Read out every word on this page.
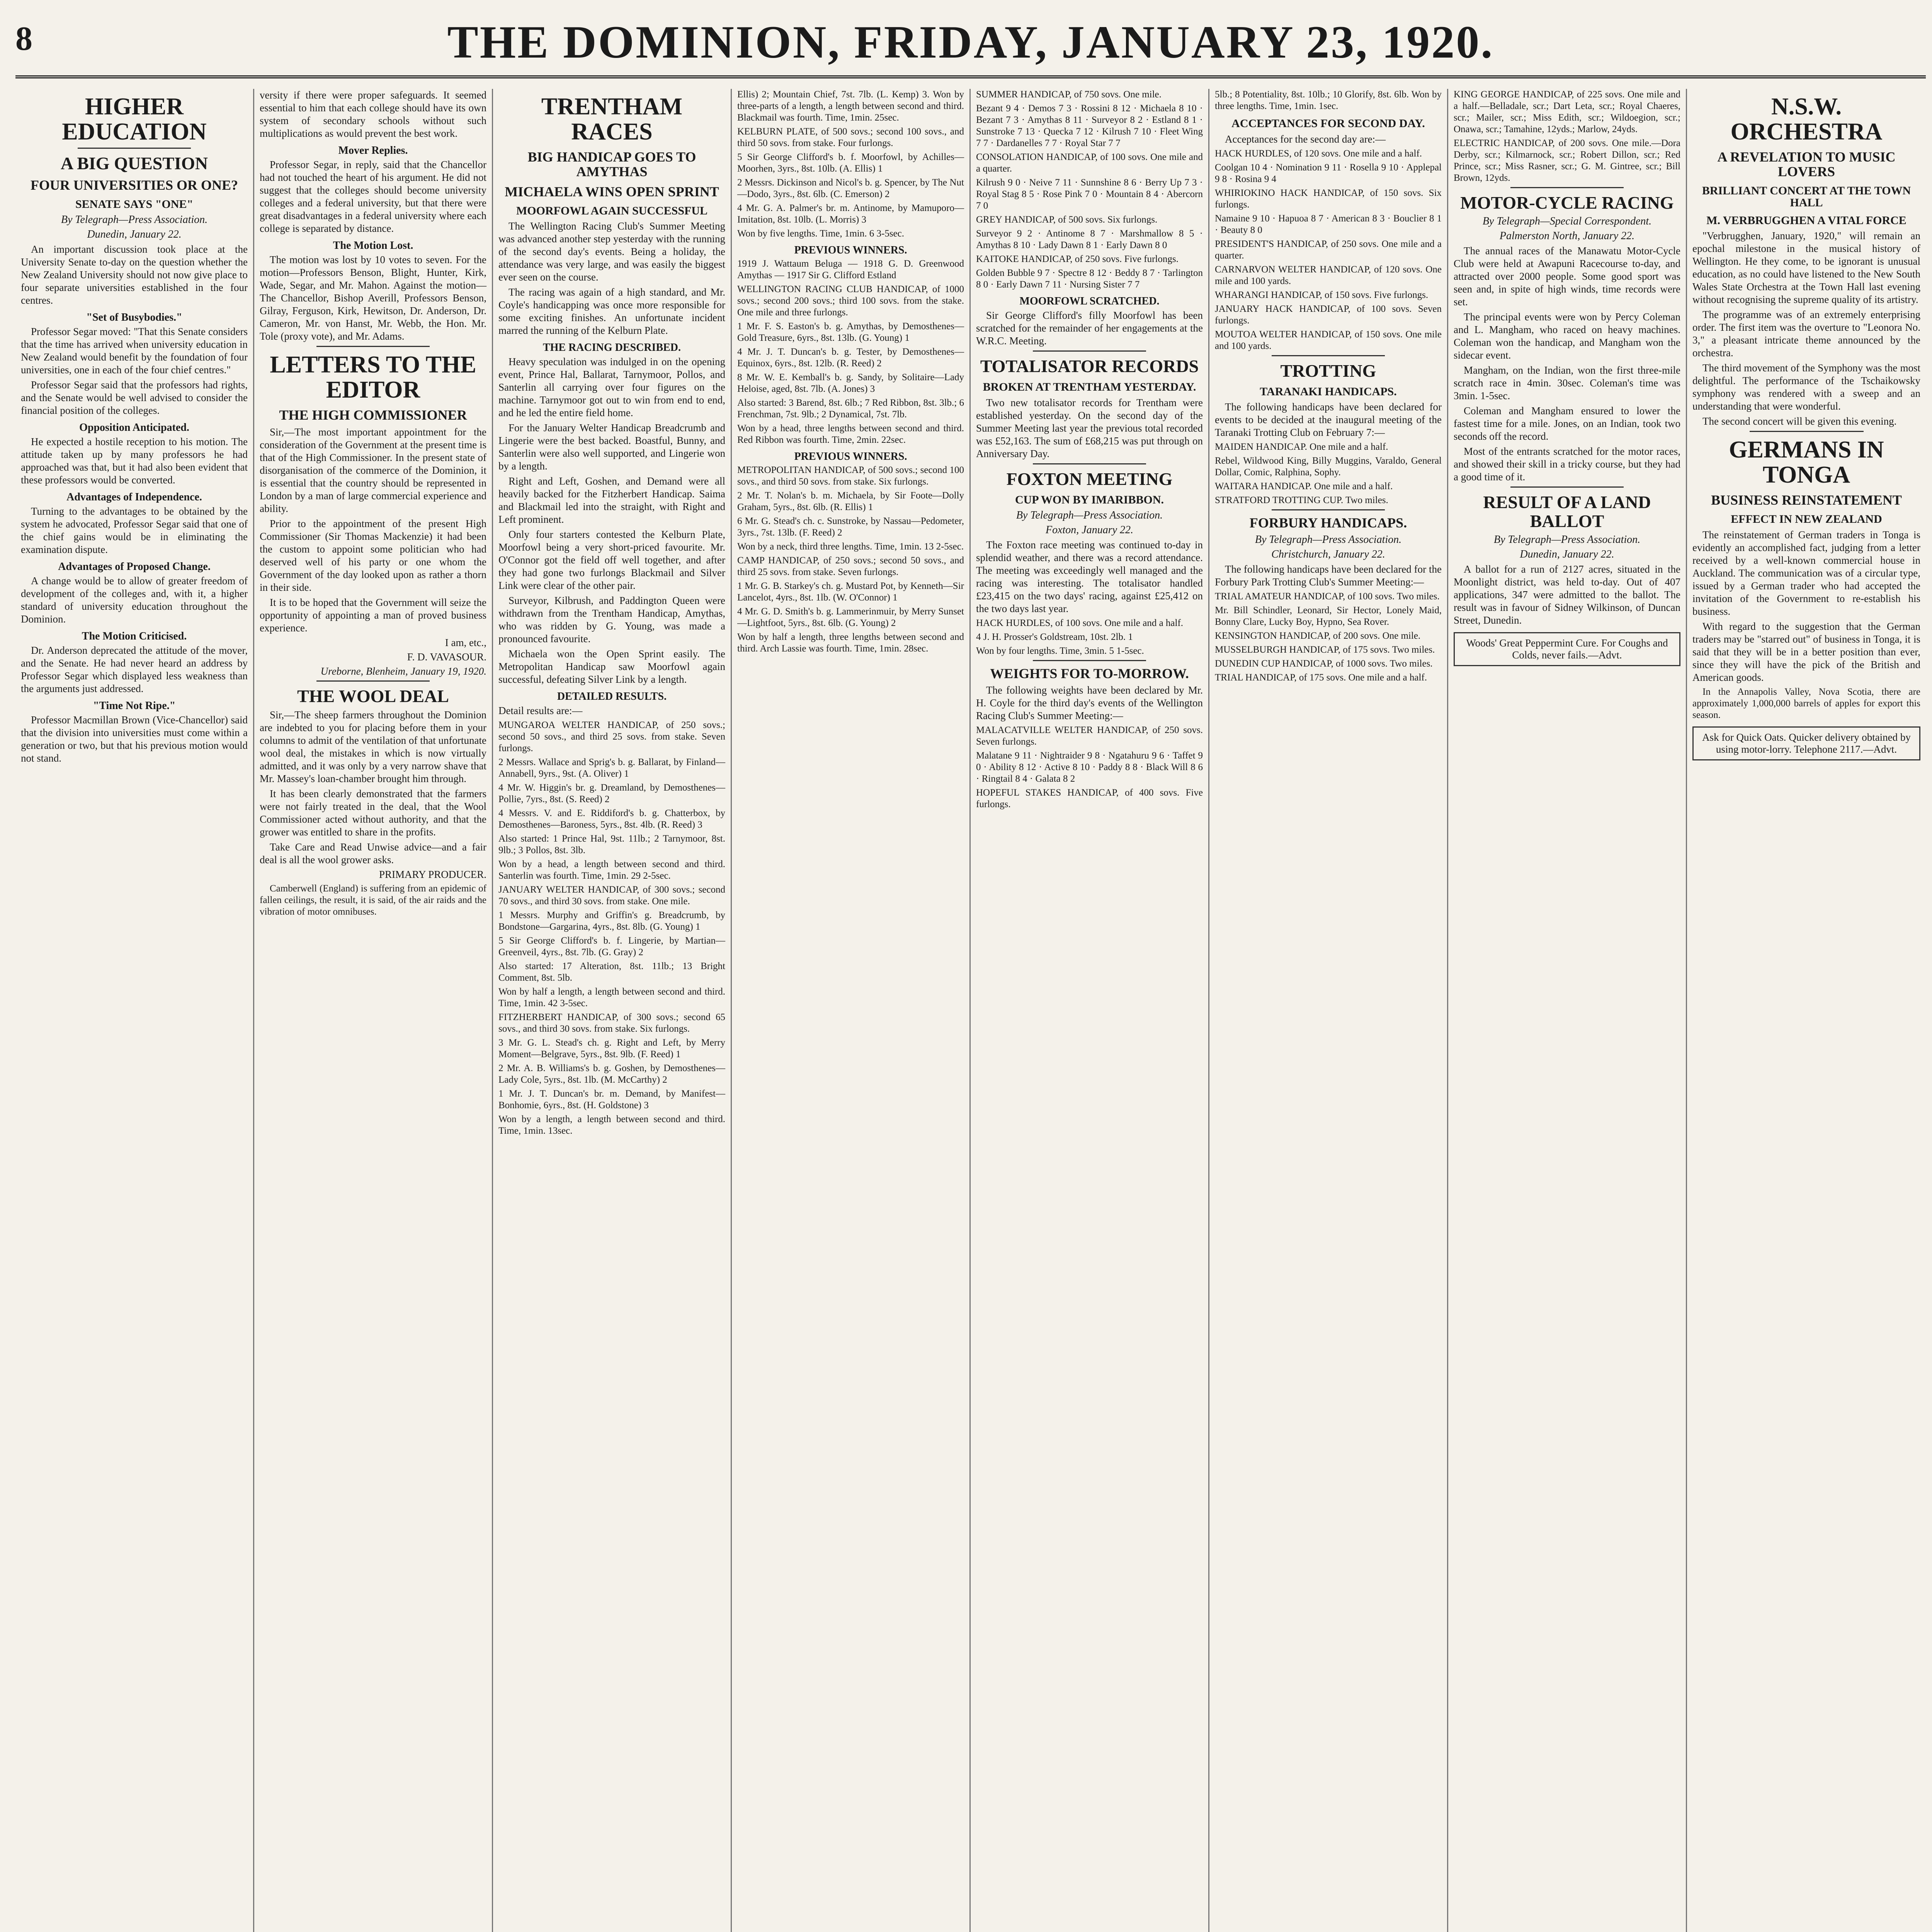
8	THE DOMINION, FRIDAY, JANUARY 23, 1920.
HIGHER EDUCATION
A BIG QUESTION
FOUR UNIVERSITIES OR ONE?
SENATE SAYS "ONE"
By Telegraph—Press Association.
Dunedin, January 22.

An important discussion took place at the University Senate to-day on the question whether the New Zealand University should not now give place to four separate universities established in the four centres.

"Set of Busybodies."

Professor Segar moved: "That this Senate considers that the time has arrived when university education in New Zealand would benefit by the foundation of four universities, one in each of the four chief centres."

Professor Segar said that the professors had rights, and the Senate would be well advised to consider the financial position of the colleges.

Opposition Anticipated.

He expected a hostile reception to his motion. The attitude taken up by many professors he had approached was that, but it had also been evident that these professors would be converted.

Advantages of Independence.

Turning to the advantages to be obtained by the system he advocated, Professor Segar said that one of the chief gains would be in eliminating the examination dispute.

Advantages of Proposed Change.

A change would be to allow of greater freedom of development of the colleges and, with it, a higher standard of university education throughout the Dominion.

The Motion Criticised.

Dr. Anderson deprecated the attitude of the mover, and the Senate. He had never heard an address by Professor Segar which displayed less weakness than the arguments just addressed.

"Time Not Ripe."

Professor Macmillan Brown (Vice-Chancellor) said that the division into universities must come within a generation or two, but that his previous motion would not stand.

versity if there were proper safeguards. It seemed essential to him that each college should have its own system of secondary schools without such multiplications as would prevent the best work.

Mover Replies.

Professor Segar, in reply, said that the Chancellor had not touched the heart of his argument. He did not suggest that the colleges should become university colleges and a federal university, but that there were great disadvantages in a federal university where each college is separated by distance.

The Motion Lost.

The motion was lost by 10 votes to seven. For the motion—Professors Benson, Blight, Hunter, Kirk, Wade, Segar, and Mr. Mahon. Against the motion—The Chancellor, Bishop Averill, Professors Benson, Gilray, Ferguson, Kirk, Hewitson, Dr. Anderson, Dr. Cameron, Mr. von Hanst, Mr. Webb, the Hon. Mr. Tole (proxy vote), and Mr. Adams.

LETTERS TO THE EDITOR
THE HIGH COMMISSIONER

Sir,—The most important appointment for the consideration of the Government at the present time is that of the High Commissioner. In the present state of disorganisation of the commerce of the Dominion, it is essential that the country should be represented in London by a man of large commercial experience and ability.

Prior to the appointment of the present High Commissioner (Sir Thomas Mackenzie) it had been the custom to appoint some politician who had deserved well of his party or one whom the Government of the day looked upon as rather a thorn in their side.

It is to be hoped that the Government will seize the opportunity of appointing a man of proved business experience.

I am, etc.,
F. D. VAVASOUR.
Ureborne, Blenheim, January 19, 1920.
THE WOOL DEAL

Sir,—The sheep farmers throughout the Dominion are indebted to you for placing before them in your columns to admit of the ventilation of that unfortunate wool deal, the mistakes in which is now virtually admitted, and it was only by a very narrow shave that Mr. Massey's loan-chamber brought him through.

It has been clearly demonstrated that the farmers were not fairly treated in the deal, that the Wool Commissioner acted without authority, and that the grower was entitled to share in the profits.

Take Care and Read Unwise advice—and a fair deal is all the wool grower asks.

PRIMARY PRODUCER.

Camberwell (England) is suffering from an epidemic of fallen ceilings, the result, it is said, of the air raids and the vibration of motor omnibuses.

TRENTHAM RACES
BIG HANDICAP GOES TO AMYTHAS
MICHAELA WINS OPEN SPRINT
MOORFOWL AGAIN SUCCESSFUL

The Wellington Racing Club's Summer Meeting was advanced another step yesterday with the running of the second day's events. Being a holiday, the attendance was very large, and was easily the biggest ever seen on the course.

The racing was again of a high standard, and Mr. Coyle's handicapping was once more responsible for some exciting finishes. An unfortunate incident marred the running of the Kelburn Plate.

THE RACING DESCRIBED.

Heavy speculation was indulged in on the opening event, Prince Hal, Ballarat, Tarnymoor, Pollos, and Santerlin all carrying over four figures on the machine. Tarnymoor got out to win from end to end, and he led the entire field home.

For the January Welter Handicap Breadcrumb and Lingerie were the best backed. Boastful, Bunny, and Santerlin were also well supported, and Lingerie won by a length.

Right and Left, Goshen, and Demand were all heavily backed for the Fitzherbert Handicap. Saima and Blackmail led into the straight, with Right and Left prominent.

Only four starters contested the Kelburn Plate, Moorfowl being a very short-priced favourite. Mr. O'Connor got the field off well together, and after they had gone two furlongs Blackmail and Silver Link were clear of the other pair.

Surveyor, Kilbrush, and Paddington Queen were withdrawn from the Trentham Handicap, Amythas, who was ridden by G. Young, was made a pronounced favourite.

Michaela won the Open Sprint easily. The Metropolitan Handicap saw Moorfowl again successful, defeating Silver Link by a length.

DETAILED RESULTS.

Detail results are:—

MUNGAROA WELTER HANDICAP, of 250 sovs.; second 50 sovs., and third 25 sovs. from stake. Seven furlongs.

2 Messrs. Wallace and Sprig's b. g. Ballarat, by Finland—Annabell, 9yrs., 9st. (A. Oliver) 1

4 Mr. W. Higgin's br. g. Dreamland, by Demosthenes—Pollie, 7yrs., 8st. (S. Reed) 2

4 Messrs. V. and E. Riddiford's b. g. Chatterbox, by Demosthenes—Baroness, 5yrs., 8st. 4lb. (R. Reed) 3

Also started: 1 Prince Hal, 9st. 11lb.; 2 Tarnymoor, 8st. 9lb.; 3 Pollos, 8st. 3lb.

Won by a head, a length between second and third. Santerlin was fourth. Time, 1min. 29 2-5sec.

JANUARY WELTER HANDICAP, of 300 sovs.; second 70 sovs., and third 30 sovs. from stake. One mile.

1 Messrs. Murphy and Griffin's g. Breadcrumb, by Bondstone—Gargarina, 4yrs., 8st. 8lb. (G. Young) 1

5 Sir George Clifford's b. f. Lingerie, by Martian—Greenveil, 4yrs., 8st. 7lb. (G. Gray) 2

Also started: 17 Alteration, 8st. 11lb.; 13 Bright Comment, 8st. 5lb.

Won by half a length, a length between second and third. Time, 1min. 42 3-5sec.

FITZHERBERT HANDICAP, of 300 sovs.; second 65 sovs., and third 30 sovs. from stake. Six furlongs.

3 Mr. G. L. Stead's ch. g. Right and Left, by Merry Moment—Belgrave, 5yrs., 8st. 9lb. (F. Reed) 1

2 Mr. A. B. Williams's b. g. Goshen, by Demosthenes—Lady Cole, 5yrs., 8st. 1lb. (M. McCarthy) 2

1 Mr. J. T. Duncan's br. m. Demand, by Manifest—Bonhomie, 6yrs., 8st. (H. Goldstone) 3

Won by a length, a length between second and third. Time, 1min. 13sec.

Ellis) 2; Mountain Chief, 7st. 7lb. (L. Kemp) 3. Won by three-parts of a length, a length between second and third. Blackmail was fourth. Time, 1min. 25sec.

KELBURN PLATE, of 500 sovs.; second 100 sovs., and third 50 sovs. from stake. Four furlongs.

5 Sir George Clifford's b. f. Moorfowl, by Achilles—Moorhen, 3yrs., 8st. 10lb. (A. Ellis) 1

2 Messrs. Dickinson and Nicol's b. g. Spencer, by The Nut—Dodo, 3yrs., 8st. 6lb. (C. Emerson) 2

4 Mr. G. A. Palmer's br. m. Antinome, by Mamuporo—Imitation, 8st. 10lb. (L. Morris) 3

Won by five lengths. Time, 1min. 6 3-5sec.

PREVIOUS WINNERS.

1919 J. Wattaum Beluga — 1918 G. D. Greenwood Amythas — 1917 Sir G. Clifford Estland

WELLINGTON RACING CLUB HANDICAP, of 1000 sovs.; second 200 sovs.; third 100 sovs. from the stake. One mile and three furlongs.

1 Mr. F. S. Easton's b. g. Amythas, by Demosthenes—Gold Treasure, 6yrs., 8st. 13lb. (G. Young) 1

4 Mr. J. T. Duncan's b. g. Tester, by Demosthenes—Equinox, 6yrs., 8st. 12lb. (R. Reed) 2

8 Mr. W. E. Kemball's b. g. Sandy, by Solitaire—Lady Heloise, aged, 8st. 7lb. (A. Jones) 3

Also started: 3 Barend, 8st. 6lb.; 7 Red Ribbon, 8st. 3lb.; 6 Frenchman, 7st. 9lb.; 2 Dynamical, 7st. 7lb.

Won by a head, three lengths between second and third. Red Ribbon was fourth. Time, 2min. 22sec.

PREVIOUS WINNERS.

METROPOLITAN HANDICAP, of 500 sovs.; second 100 sovs., and third 50 sovs. from stake. Six furlongs.

2 Mr. T. Nolan's b. m. Michaela, by Sir Foote—Dolly Graham, 5yrs., 8st. 6lb. (R. Ellis) 1

6 Mr. G. Stead's ch. c. Sunstroke, by Nassau—Pedometer, 3yrs., 7st. 13lb. (F. Reed) 2

Won by a neck, third three lengths. Time, 1min. 13 2-5sec.

CAMP HANDICAP, of 250 sovs.; second 50 sovs., and third 25 sovs. from stake. Seven furlongs.

1 Mr. G. B. Starkey's ch. g. Mustard Pot, by Kenneth—Sir Lancelot, 4yrs., 8st. 1lb. (W. O'Connor) 1

4 Mr. G. D. Smith's b. g. Lammerinmuir, by Merry Sunset—Lightfoot, 5yrs., 8st. 6lb. (G. Young) 2

Won by half a length, three lengths between second and third. Arch Lassie was fourth. Time, 1min. 28sec.

SUMMER HANDICAP, of 750 sovs. One mile.

Bezant 9 4 · Demos 7 3 · Rossini 8 12 · Michaela 8 10 · Bezant 7 3 · Amythas 8 11 · Surveyor 8 2 · Estland 8 1 · Sunstroke 7 13 · Quecka 7 12 · Kilrush 7 10 · Fleet Wing 7 7 · Dardanelles 7 7 · Royal Star 7 7

CONSOLATION HANDICAP, of 100 sovs. One mile and a quarter.

Kilrush 9 0 · Neive 7 11 · Sunnshine 8 6 · Berry Up 7 3 · Royal Stag 8 5 · Rose Pink 7 0 · Mountain 8 4 · Abercorn 7 0

GREY HANDICAP, of 500 sovs. Six furlongs.

Surveyor 9 2 · Antinome 8 7 · Marshmallow 8 5 · Amythas 8 10 · Lady Dawn 8 1 · Early Dawn 8 0

KAITOKE HANDICAP, of 250 sovs. Five furlongs.

Golden Bubble 9 7 · Spectre 8 12 · Beddy 8 7 · Tarlington 8 0 · Early Dawn 7 11 · Nursing Sister 7 7

MOORFOWL SCRATCHED.

Sir George Clifford's filly Moorfowl has been scratched for the remainder of her engagements at the W.R.C. Meeting.

TOTALISATOR RECORDS
BROKEN AT TRENTHAM YESTERDAY.

Two new totalisator records for Trentham were established yesterday. On the second day of the Summer Meeting last year the previous total recorded was £52,163. The sum of £68,215 was put through on Anniversary Day.

FOXTON MEETING
CUP WON BY IMARIBBON.
By Telegraph—Press Association.
Foxton, January 22.

The Foxton race meeting was continued to-day in splendid weather, and there was a record attendance. The meeting was exceedingly well managed and the racing was interesting. The totalisator handled £23,415 on the two days' racing, against £25,412 on the two days last year.

HACK HURDLES, of 100 sovs. One mile and a half.

4 J. H. Prosser's Goldstream, 10st. 2lb. 1

Won by four lengths. Time, 3min. 5 1-5sec.

WEIGHTS FOR TO-MORROW.

The following weights have been declared by Mr. H. Coyle for the third day's events of the Wellington Racing Club's Summer Meeting:—

MALACATVILLE WELTER HANDICAP, of 250 sovs. Seven furlongs.

Malatane 9 11 · Nightraider 9 8 · Ngatahuru 9 6 · Taffet 9 0 · Ability 8 12 · Active 8 10 · Paddy 8 8 · Black Will 8 6 · Ringtail 8 4 · Galata 8 2

HOPEFUL STAKES HANDICAP, of 400 sovs. Five furlongs.

5lb.; 8 Potentiality, 8st. 10lb.; 10 Glorify, 8st. 6lb. Won by three lengths. Time, 1min. 1sec.

ACCEPTANCES FOR SECOND DAY.

Acceptances for the second day are:—

HACK HURDLES, of 120 sovs. One mile and a half.

Coolgan 10 4 · Nomination 9 11 · Rosella 9 10 · Applepal 9 8 · Rosina 9 4

WHIRIOKINO HACK HANDICAP, of 150 sovs. Six furlongs.

Namaine 9 10 · Hapuoa 8 7 · American 8 3 · Bouclier 8 1 · Beauty 8 0

PRESIDENT'S HANDICAP, of 250 sovs. One mile and a quarter.

CARNARVON WELTER HANDICAP, of 120 sovs. One mile and 100 yards.

WHARANGI HANDICAP, of 150 sovs. Five furlongs.

JANUARY HACK HANDICAP, of 100 sovs. Seven furlongs.

MOUTOA WELTER HANDICAP, of 150 sovs. One mile and 100 yards.

TROTTING
TARANAKI HANDICAPS.

The following handicaps have been declared for events to be decided at the inaugural meeting of the Taranaki Trotting Club on February 7:—

MAIDEN HANDICAP. One mile and a half.

Rebel, Wildwood King, Billy Muggins, Varaldo, General Dollar, Comic, Ralphina, Sophy.

WAITARA HANDICAP. One mile and a half.

STRATFORD TROTTING CUP. Two miles.

FORBURY HANDICAPS.
By Telegraph—Press Association.
Christchurch, January 22.

The following handicaps have been declared for the Forbury Park Trotting Club's Summer Meeting:—

TRIAL AMATEUR HANDICAP, of 100 sovs. Two miles.

Mr. Bill Schindler, Leonard, Sir Hector, Lonely Maid, Bonny Clare, Lucky Boy, Hypno, Sea Rover.

KENSINGTON HANDICAP, of 200 sovs. One mile.

MUSSELBURGH HANDICAP, of 175 sovs. Two miles.

DUNEDIN CUP HANDICAP, of 1000 sovs. Two miles.

TRIAL HANDICAP, of 175 sovs. One mile and a half.

KING GEORGE HANDICAP, of 225 sovs. One mile and a half.—Belladale, scr.; Dart Leta, scr.; Royal Chaeres, scr.; Mailer, scr.; Miss Edith, scr.; Wildoegion, scr.; Onawa, scr.; Tamahine, 12yds.; Marlow, 24yds.

ELECTRIC HANDICAP, of 200 sovs. One mile.—Dora Derby, scr.; Kilmarnock, scr.; Robert Dillon, scr.; Red Prince, scr.; Miss Rasner, scr.; G. M. Gintree, scr.; Bill Brown, 12yds.

MOTOR-CYCLE RACING
By Telegraph—Special Correspondent.
Palmerston North, January 22.

The annual races of the Manawatu Motor-Cycle Club were held at Awapuni Racecourse to-day, and attracted over 2000 people. Some good sport was seen and, in spite of high winds, time records were set.

The principal events were won by Percy Coleman and L. Mangham, who raced on heavy machines. Coleman won the handicap, and Mangham won the sidecar event.

Mangham, on the Indian, won the first three-mile scratch race in 4min. 30sec. Coleman's time was 3min. 1-5sec.

Coleman and Mangham ensured to lower the fastest time for a mile. Jones, on an Indian, took two seconds off the record.

Most of the entrants scratched for the motor races, and showed their skill in a tricky course, but they had a good time of it.

RESULT OF A LAND BALLOT
By Telegraph—Press Association.
Dunedin, January 22.

A ballot for a run of 2127 acres, situated in the Moonlight district, was held to-day. Out of 407 applications, 347 were admitted to the ballot. The result was in favour of Sidney Wilkinson, of Duncan Street, Dunedin.

Woods' Great Peppermint Cure. For Coughs and Colds, never fails.—Advt.
N.S.W. ORCHESTRA
A REVELATION TO MUSIC LOVERS
BRILLIANT CONCERT AT THE TOWN HALL
M. VERBRUGGHEN A VITAL FORCE

"Verbrugghen, January, 1920," will remain an epochal milestone in the musical history of Wellington. He they come, to be ignorant is unusual education, as no could have listened to the New South Wales State Orchestra at the Town Hall last evening without recognising the supreme quality of its artistry.

The programme was of an extremely enterprising order. The first item was the overture to "Leonora No. 3," a pleasant intricate theme announced by the orchestra.

The third movement of the Symphony was the most delightful. The performance of the Tschaikowsky symphony was rendered with a sweep and an understanding that were wonderful.

The second concert will be given this evening.

GERMANS IN TONGA
BUSINESS REINSTATEMENT
EFFECT IN NEW ZEALAND

The reinstatement of German traders in Tonga is evidently an accomplished fact, judging from a letter received by a well-known commercial house in Auckland. The communication was of a circular type, issued by a German trader who had accepted the invitation of the Government to re-establish his business.

With regard to the suggestion that the German traders may be "starred out" of business in Tonga, it is said that they will be in a better position than ever, since they will have the pick of the British and American goods.

In the Annapolis Valley, Nova Scotia, there are approximately 1,000,000 barrels of apples for export this season.

Ask for Quick Oats. Quicker delivery obtained by using motor-lorry. Telephone 2117.—Advt.
